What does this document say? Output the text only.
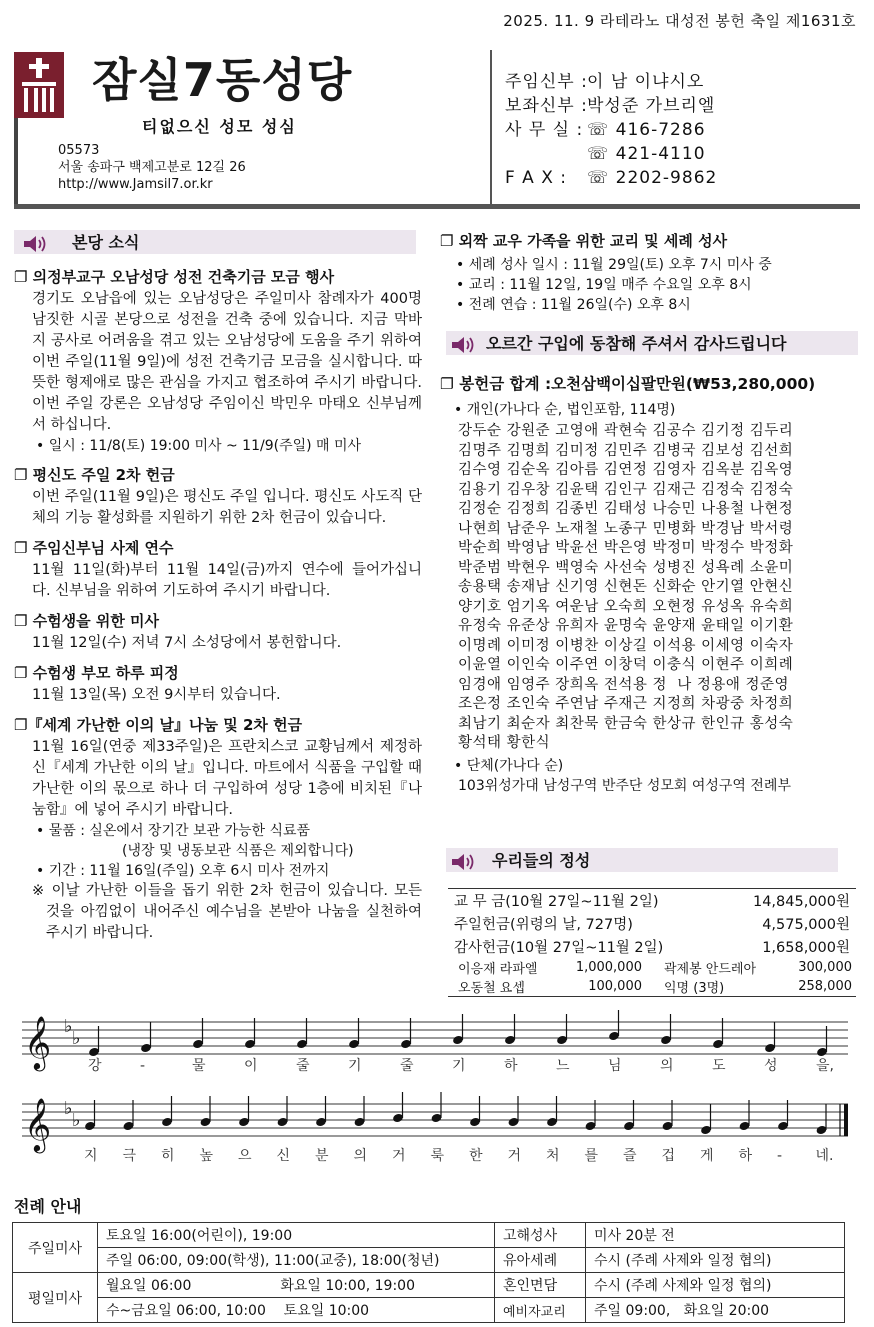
2025. 11. 9 라테라노 대성전 봉헌 축일 제1631호
잠실7동성당
티없으신 성모 성심
05573
서울 송파구 백제고분로 12길 26
http://www.Jamsil7.or.kr
주임신부 :이 남 이냐시오
보좌신부 :박성준 가브리엘
사 무 실 : ☏ 416-7286
☏ 421-4110
F A X : ☏ 2202-9862
본당 소식
❐ 의정부교구 오남성당 성전 건축기금 모금 행사
경기도 오남읍에 있는 오남성당은 주일미사 참례자가 400명 남짓한 시골 본당으로 성전을 건축 중에 있습니다. 지금 막바지 공사로 어려움을 겪고 있는 오남성당에 도움을 주기 위하여 이번 주일(11월 9일)에 성전 건축기금 모금을 실시합니다. 따뜻한 형제애로 많은 관심을 가지고 협조하여 주시기 바랍니다. 이번 주일 강론은 오남성당 주임이신 박민우 마태오 신부님께서 하십니다.
• 일시 : 11/8(토) 19:00 미사 ~ 11/9(주일) 매 미사
❐ 평신도 주일 2차 헌금
이번 주일(11월 9일)은 평신도 주일 입니다. 평신도 사도직 단체의 기능 활성화를 지원하기 위한 2차 헌금이 있습니다.
❐ 주임신부님 사제 연수
11월 11일(화)부터 11월 14일(금)까지 연수에 들어가십니다. 신부님을 위하여 기도하여 주시기 바랍니다.
❐ 수험생을 위한 미사
11월 12일(수) 저녁 7시 소성당에서 봉헌합니다.
❐ 수험생 부모 하루 피정
11월 13일(목) 오전 9시부터 있습니다.
❐『세계 가난한 이의 날』나눔 및 2차 헌금
11월 16일(연중 제33주일)은 프란치스코 교황님께서 제정하신『세계 가난한 이의 날』입니다. 마트에서 식품을 구입할 때 가난한 이의 몫으로 하나 더 구입하여 성당 1층에 비치된『나눔함』에 넣어 주시기 바랍니다.
• 물품 : 실온에서 장기간 보관 가능한 식료품
(냉장 및 냉동보관 식품은 제외합니다)
• 기간 : 11월 16일(주일) 오후 6시 미사 전까지
※ 이날 가난한 이들을 돕기 위한 2차 헌금이 있습니다. 모든 것을 아낌없이 내어주신 예수님을 본받아 나눔을 실천하여 주시기 바랍니다.
❐ 외짝 교우 가족을 위한 교리 및 세례 성사
• 세례 성사 일시 : 11월 29일(토) 오후 7시 미사 중
• 교리 : 11월 12일, 19일 매주 수요일 오후 8시
• 전례 연습 : 11월 26일(수) 오후 8시
오르간 구입에 동참해 주셔서 감사드립니다
❐ 봉헌금 합계 :오천삼백이십팔만원(₩53,280,000)
• 개인(가나다 순, 법인포함, 114명)
강두순 강원준 고영애 곽현숙 김공수 김기정 김두리
김명주 김명희 김미정 김민주 김병국 김보성 김선희
김수영 김순옥 김아름 김연정 김영자 김옥분 김옥영
김용기 김우창 김윤택 김인구 김재근 김정숙 김정숙
김정순 김정희 김종빈 김태성 나승민 나용철 나현정
나현희 남준우 노재철 노종구 민병화 박경남 박서령
박순희 박영남 박윤선 박은영 박정미 박정수 박정화
박준범 박현우 백영숙 사선숙 성병진 성욕례 소윤미
송용택 송재남 신기영 신현돈 신화순 안기열 안현신
양기호 엄기옥 여운남 오숙희 오현정 유성옥 유숙희
유정숙 유준상 유희자 윤명숙 윤양재 윤태일 이기환
이명례 이미정 이병찬 이상길 이석용 이세영 이숙자
이윤열 이인숙 이주연 이창덕 이충식 이현주 이희례
임경애 임영주 장희옥 전석용 정  나 정용애 정준영
조은정 조인숙 주연남 주재근 지정희 차광중 차정희
최남기 최순자 최찬묵 한금숙 한상규 한인규 홍성숙
황석태 황한식
• 단체(가나다 순)
103위성가대 남성구역 반주단 성모회 여성구역 전례부
우리들의 정성
교 무 금(10월 27일~11월 2일)	14,845,000원
주일헌금(위령의 날, 727명)	4,575,000원
감사헌금(10월 27일~11월 2일)	1,658,000원
이응재 라파엘	1,000,000	곽제봉 안드레아	300,000
오동철 요셉	100,000	익명 (3명)	258,000
𝄞 ♭
♭
강	-	물	이	줄	기	줄	기	하	느	님	의	도	성	을,
𝄞 ♭
♭
지 극 히 높 으 신 분 의 거 룩 한 거 처 를 즐 겁 게 하 - 네.
전례 안내
주일미사	토요일 16:00(어린이), 19:00	고해성사	미사 20분 전
	주일 06:00, 09:00(학생), 11:00(교중), 18:00(청년)	유아세례	수시 (주례 사제와 일정 협의)
평일미사	월요일 06:00                    화요일 10:00, 19:00	혼인면담	수시 (주례 사제와 일정 협의)
	수~금요일 06:00, 10:00    토요일 10:00	예비자교리	주일 09:00,   화요일 20:00
